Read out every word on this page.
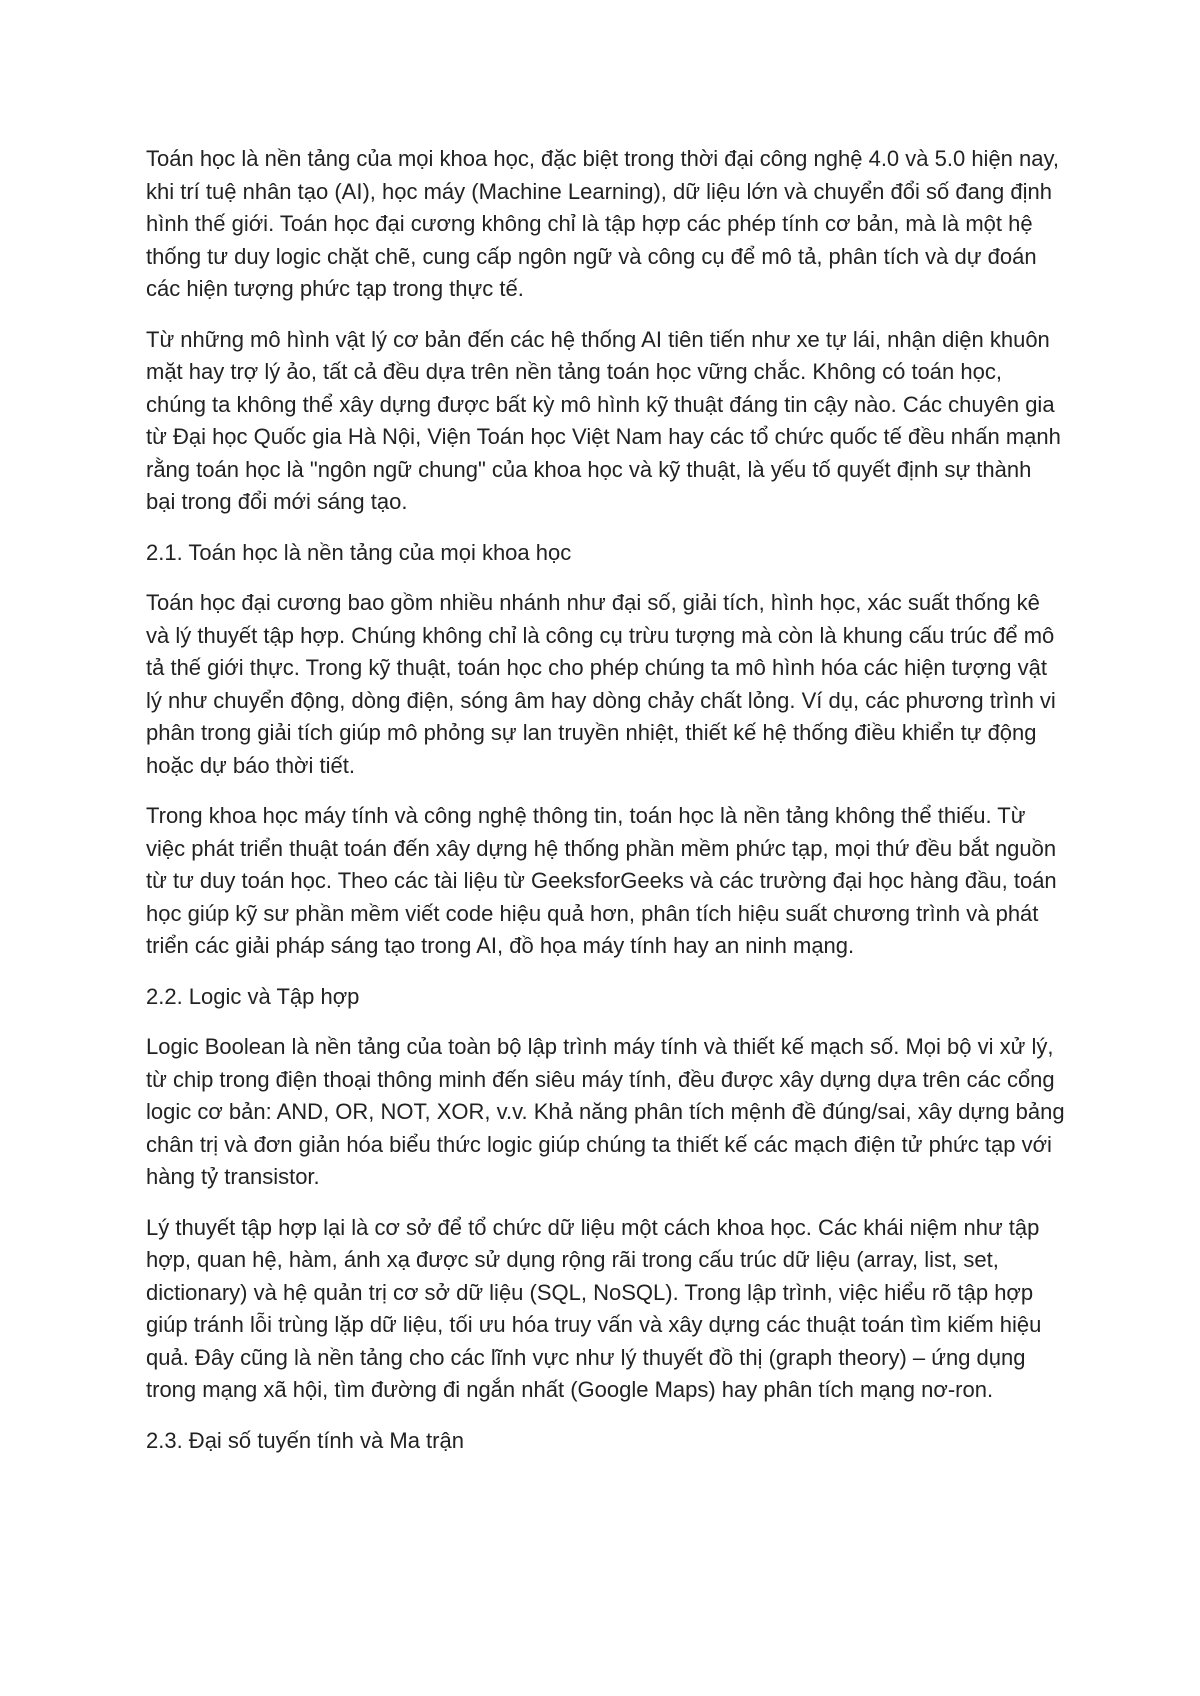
Toán học là nền tảng của mọi khoa học, đặc biệt trong thời đại công nghệ 4.0 và 5.0 hiện nay, khi trí tuệ nhân tạo (AI), học máy (Machine Learning), dữ liệu lớn và chuyển đổi số đang định hình thế giới. Toán học đại cương không chỉ là tập hợp các phép tính cơ bản, mà là một hệ thống tư duy logic chặt chẽ, cung cấp ngôn ngữ và công cụ để mô tả, phân tích và dự đoán các hiện tượng phức tạp trong thực tế.

Từ những mô hình vật lý cơ bản đến các hệ thống AI tiên tiến như xe tự lái, nhận diện khuôn mặt hay trợ lý ảo, tất cả đều dựa trên nền tảng toán học vững chắc. Không có toán học, chúng ta không thể xây dựng được bất kỳ mô hình kỹ thuật đáng tin cậy nào. Các chuyên gia từ Đại học Quốc gia Hà Nội, Viện Toán học Việt Nam hay các tổ chức quốc tế đều nhấn mạnh rằng toán học là "ngôn ngữ chung" của khoa học và kỹ thuật, là yếu tố quyết định sự thành bại trong đổi mới sáng tạo.

2.1. Toán học là nền tảng của mọi khoa học

Toán học đại cương bao gồm nhiều nhánh như đại số, giải tích, hình học, xác suất thống kê và lý thuyết tập hợp. Chúng không chỉ là công cụ trừu tượng mà còn là khung cấu trúc để mô tả thế giới thực. Trong kỹ thuật, toán học cho phép chúng ta mô hình hóa các hiện tượng vật lý như chuyển động, dòng điện, sóng âm hay dòng chảy chất lỏng. Ví dụ, các phương trình vi phân trong giải tích giúp mô phỏng sự lan truyền nhiệt, thiết kế hệ thống điều khiển tự động hoặc dự báo thời tiết.

Trong khoa học máy tính và công nghệ thông tin, toán học là nền tảng không thể thiếu. Từ việc phát triển thuật toán đến xây dựng hệ thống phần mềm phức tạp, mọi thứ đều bắt nguồn từ tư duy toán học. Theo các tài liệu từ GeeksforGeeks và các trường đại học hàng đầu, toán học giúp kỹ sư phần mềm viết code hiệu quả hơn, phân tích hiệu suất chương trình và phát triển các giải pháp sáng tạo trong AI, đồ họa máy tính hay an ninh mạng.

2.2. Logic và Tập hợp

Logic Boolean là nền tảng của toàn bộ lập trình máy tính và thiết kế mạch số. Mọi bộ vi xử lý, từ chip trong điện thoại thông minh đến siêu máy tính, đều được xây dựng dựa trên các cổng logic cơ bản: AND, OR, NOT, XOR, v.v. Khả năng phân tích mệnh đề đúng/sai, xây dựng bảng chân trị và đơn giản hóa biểu thức logic giúp chúng ta thiết kế các mạch điện tử phức tạp với hàng tỷ transistor.

Lý thuyết tập hợp lại là cơ sở để tổ chức dữ liệu một cách khoa học. Các khái niệm như tập hợp, quan hệ, hàm, ánh xạ được sử dụng rộng rãi trong cấu trúc dữ liệu (array, list, set, dictionary) và hệ quản trị cơ sở dữ liệu (SQL, NoSQL). Trong lập trình, việc hiểu rõ tập hợp giúp tránh lỗi trùng lặp dữ liệu, tối ưu hóa truy vấn và xây dựng các thuật toán tìm kiếm hiệu quả. Đây cũng là nền tảng cho các lĩnh vực như lý thuyết đồ thị (graph theory) – ứng dụng trong mạng xã hội, tìm đường đi ngắn nhất (Google Maps) hay phân tích mạng nơ-ron.

2.3. Đại số tuyến tính và Ma trận
